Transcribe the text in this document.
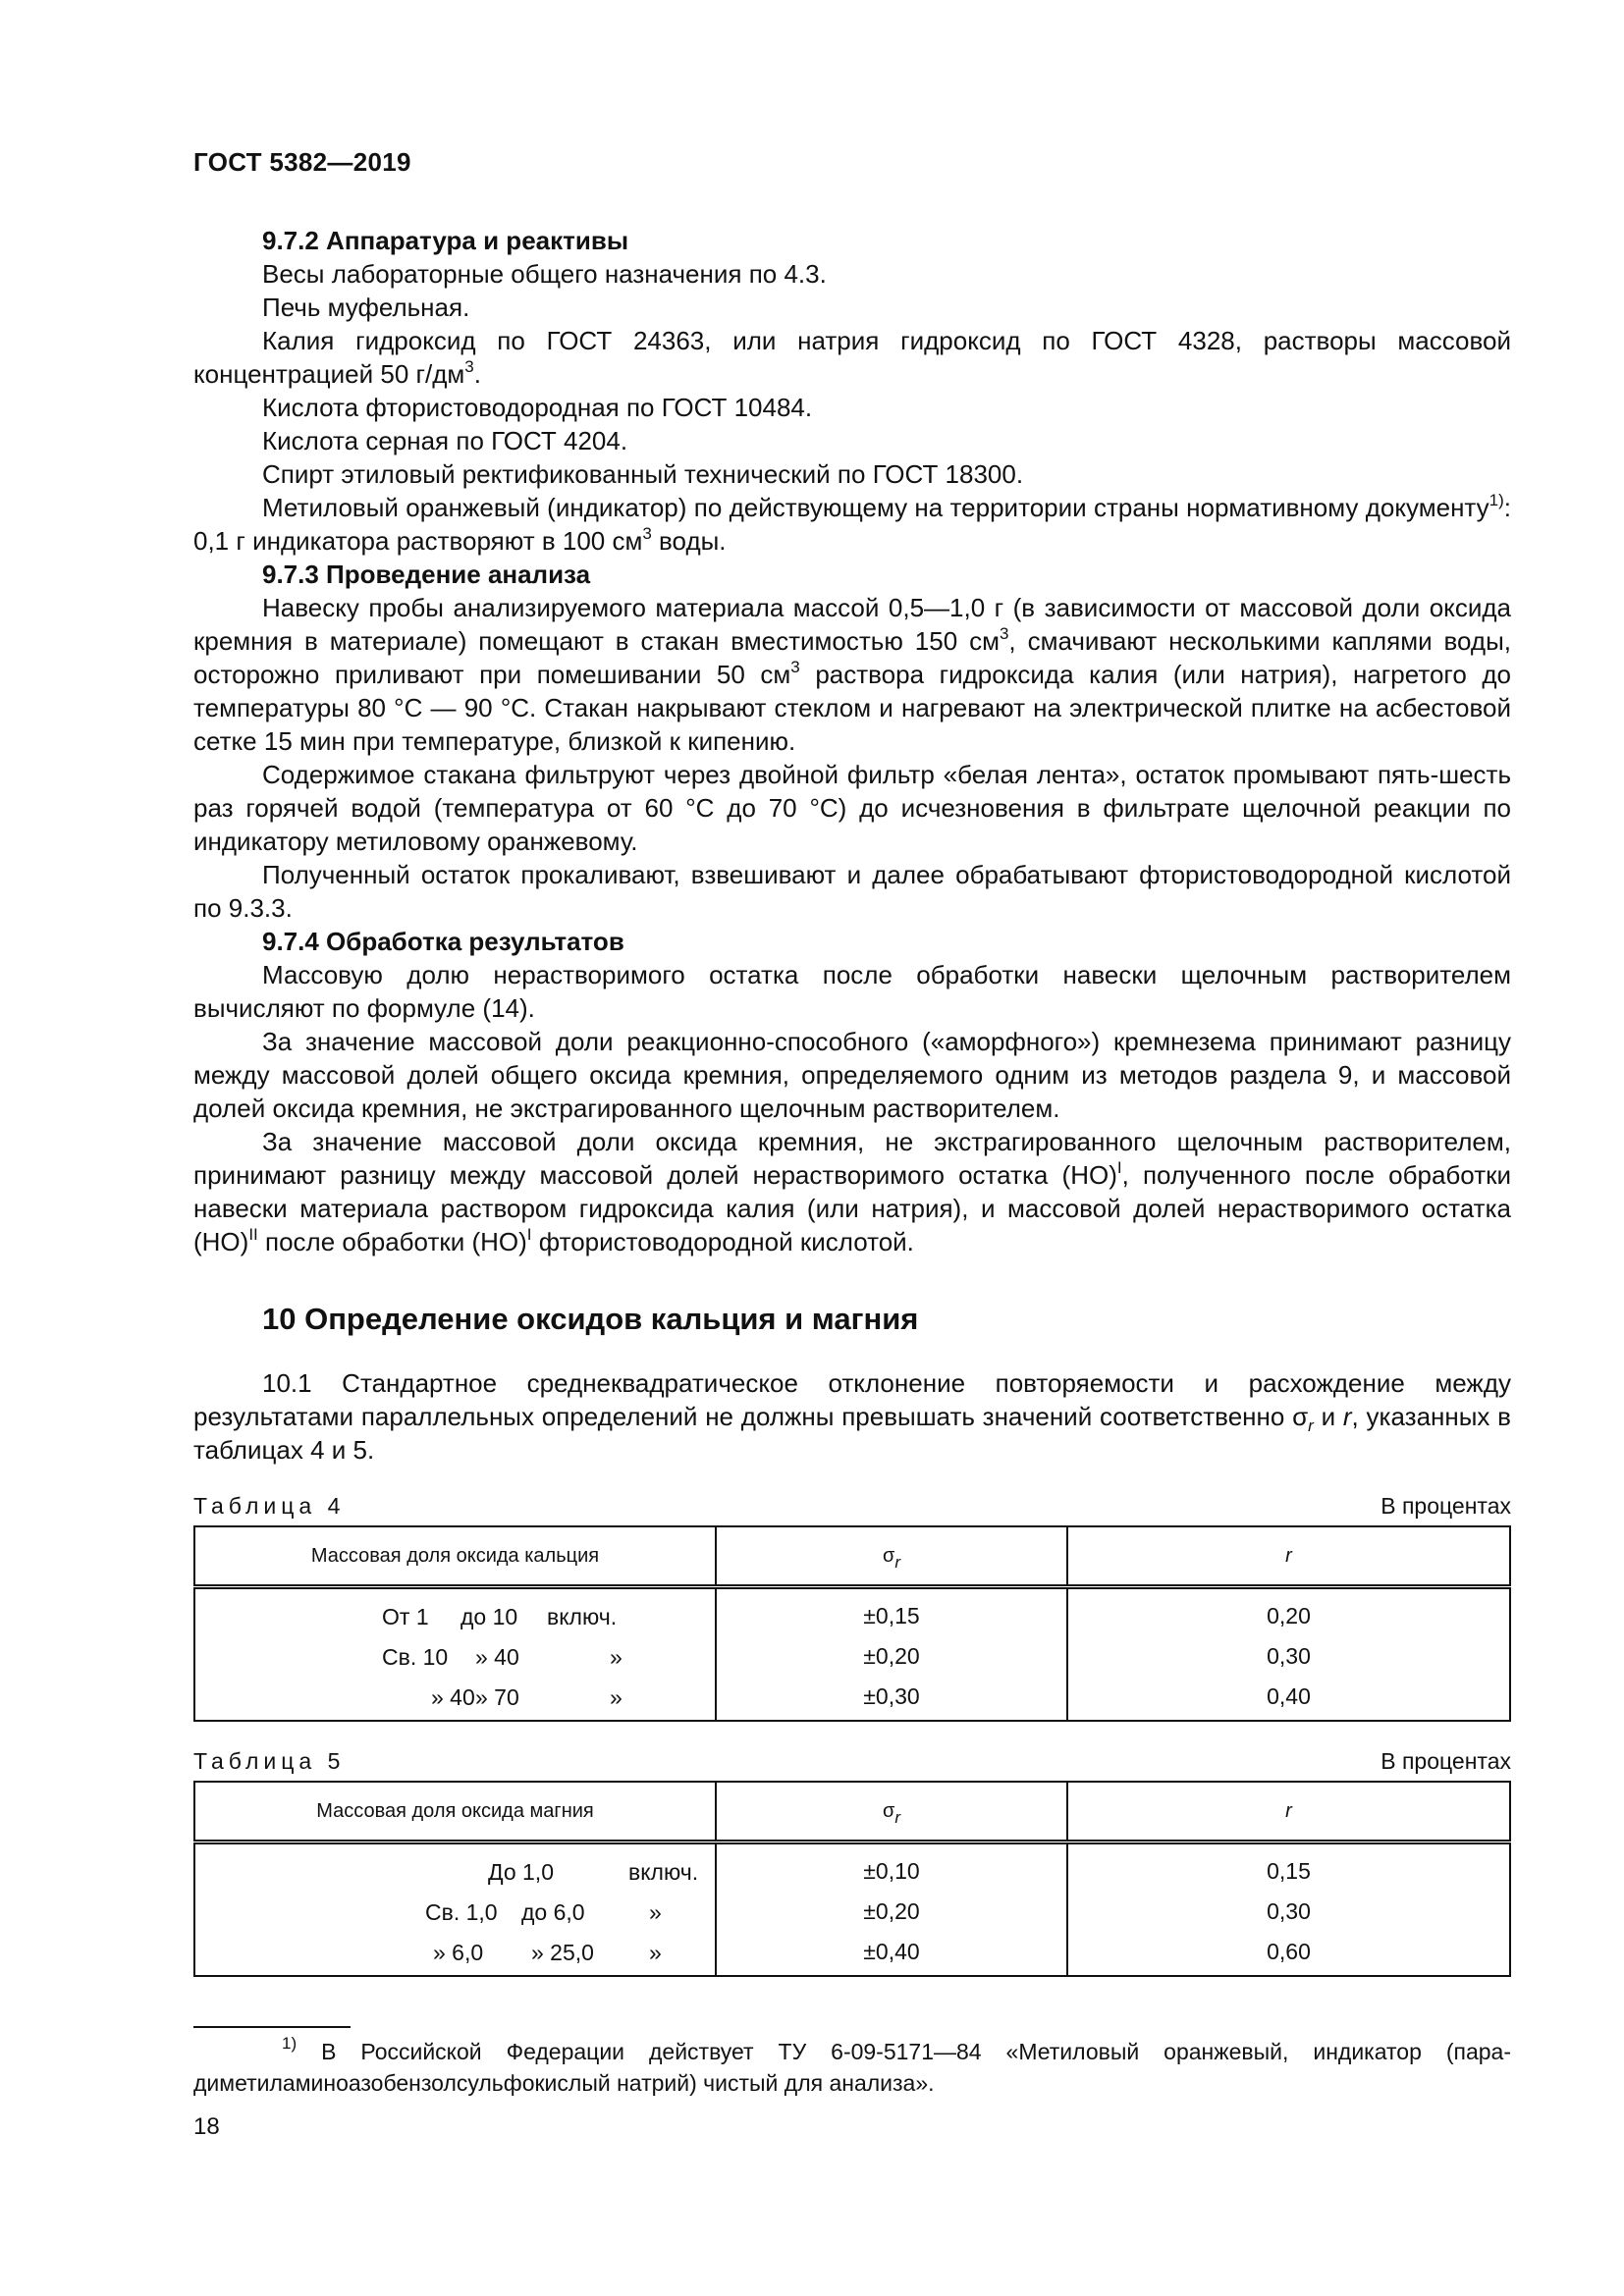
ГОСТ 5382—2019

9.7.2 Аппаратура и реактивы

Весы лабораторные общего назначения по 4.3.

Печь муфельная.

Калия гидроксид по ГОСТ 24363, или натрия гидроксид по ГОСТ 4328, растворы массовой концентрацией 50 $г/дм^3$.

Кислота фтористоводородная по ГОСТ 10484.

Кислота серная по ГОСТ 4204.

Спирт этиловый ректификованный технический по ГОСТ 18300.

Метиловый оранжевый (индикатор) по действующему на территории страны нормативному документу$^{1)}$: 0,1 г индикатора растворяют в 100 $см^3$ воды.

9.7.3 Проведение анализа

Навеску пробы анализируемого материала массой 0,5—1,0 г (в зависимости от массовой доли оксида кремния в материале) помещают в стакан вместимостью 150 $см^3$, смачивают несколькими каплями воды, осторожно приливают при помешивании 50 $см^3$ раствора гидроксида калия (или натрия), нагретого до температуры 80 °С — 90 °С. Стакан накрывают стеклом и нагревают на электрической плитке на асбестовой сетке 15 мин при температуре, близкой к кипению.

Содержимое стакана фильтруют через двойной фильтр «белая лента», остаток промывают пять-шесть раз горячей водой (температура от 60 °С до 70 °С) до исчезновения в фильтрате щелочной реакции по индикатору метиловому оранжевому.

Полученный остаток прокаливают, взвешивают и далее обрабатывают фтористоводородной кислотой по 9.3.3.

9.7.4 Обработка результатов

Массовую долю нерастворимого остатка после обработки навески щелочным растворителем вычисляют по формуле (14).

За значение массовой доли реакционно-способного («аморфного») кремнезема принимают разницу между массовой долей общего оксида кремния, определяемого одним из методов раздела 9, и массовой долей оксида кремния, не экстрагированного щелочным растворителем.

За значение массовой доли оксида кремния, не экстрагированного щелочным растворителем, принимают разницу между массовой долей нерастворимого остатка (НО)$^I$, полученного после обработки навески материала раствором гидроксида калия (или натрия), и массовой долей нерастворимого остатка (НО)$^{II}$ после обработки (НО)$^I$ фтористоводородной кислотой.

10 Определение оксидов кальция и магния

10.1 Стандартное среднеквадратическое отклонение повторяемости и расхождение между результатами параллельных определений не должны превышать значений соответственно $\sigma_r$ и r, указанных в таблицах 4 и 5.

Таблица 4	В процентах
Массовая доля оксида кальция	$\sigma_r$	r

От 1 до 10 включ.	±0,15	0,20

Св. 10 » 40 »	±0,20	0,30

» 40 » 70 »	±0,30	0,40
Таблица 5	В процентах
Массовая доля оксида магния	$\sigma_r$	r

До 1,0 включ.	±0,10	0,15

Св. 1,0 до 6,0 »	±0,20	0,30

» 6,0 » 25,0 »	±0,40	0,60

$^{1)}$ В Российской Федерации действует ТУ 6-09-5171—84 «Метиловый оранжевый, индикатор (пара-диметиламиноазобензолсульфокислый натрий) чистый для анализа».

18
